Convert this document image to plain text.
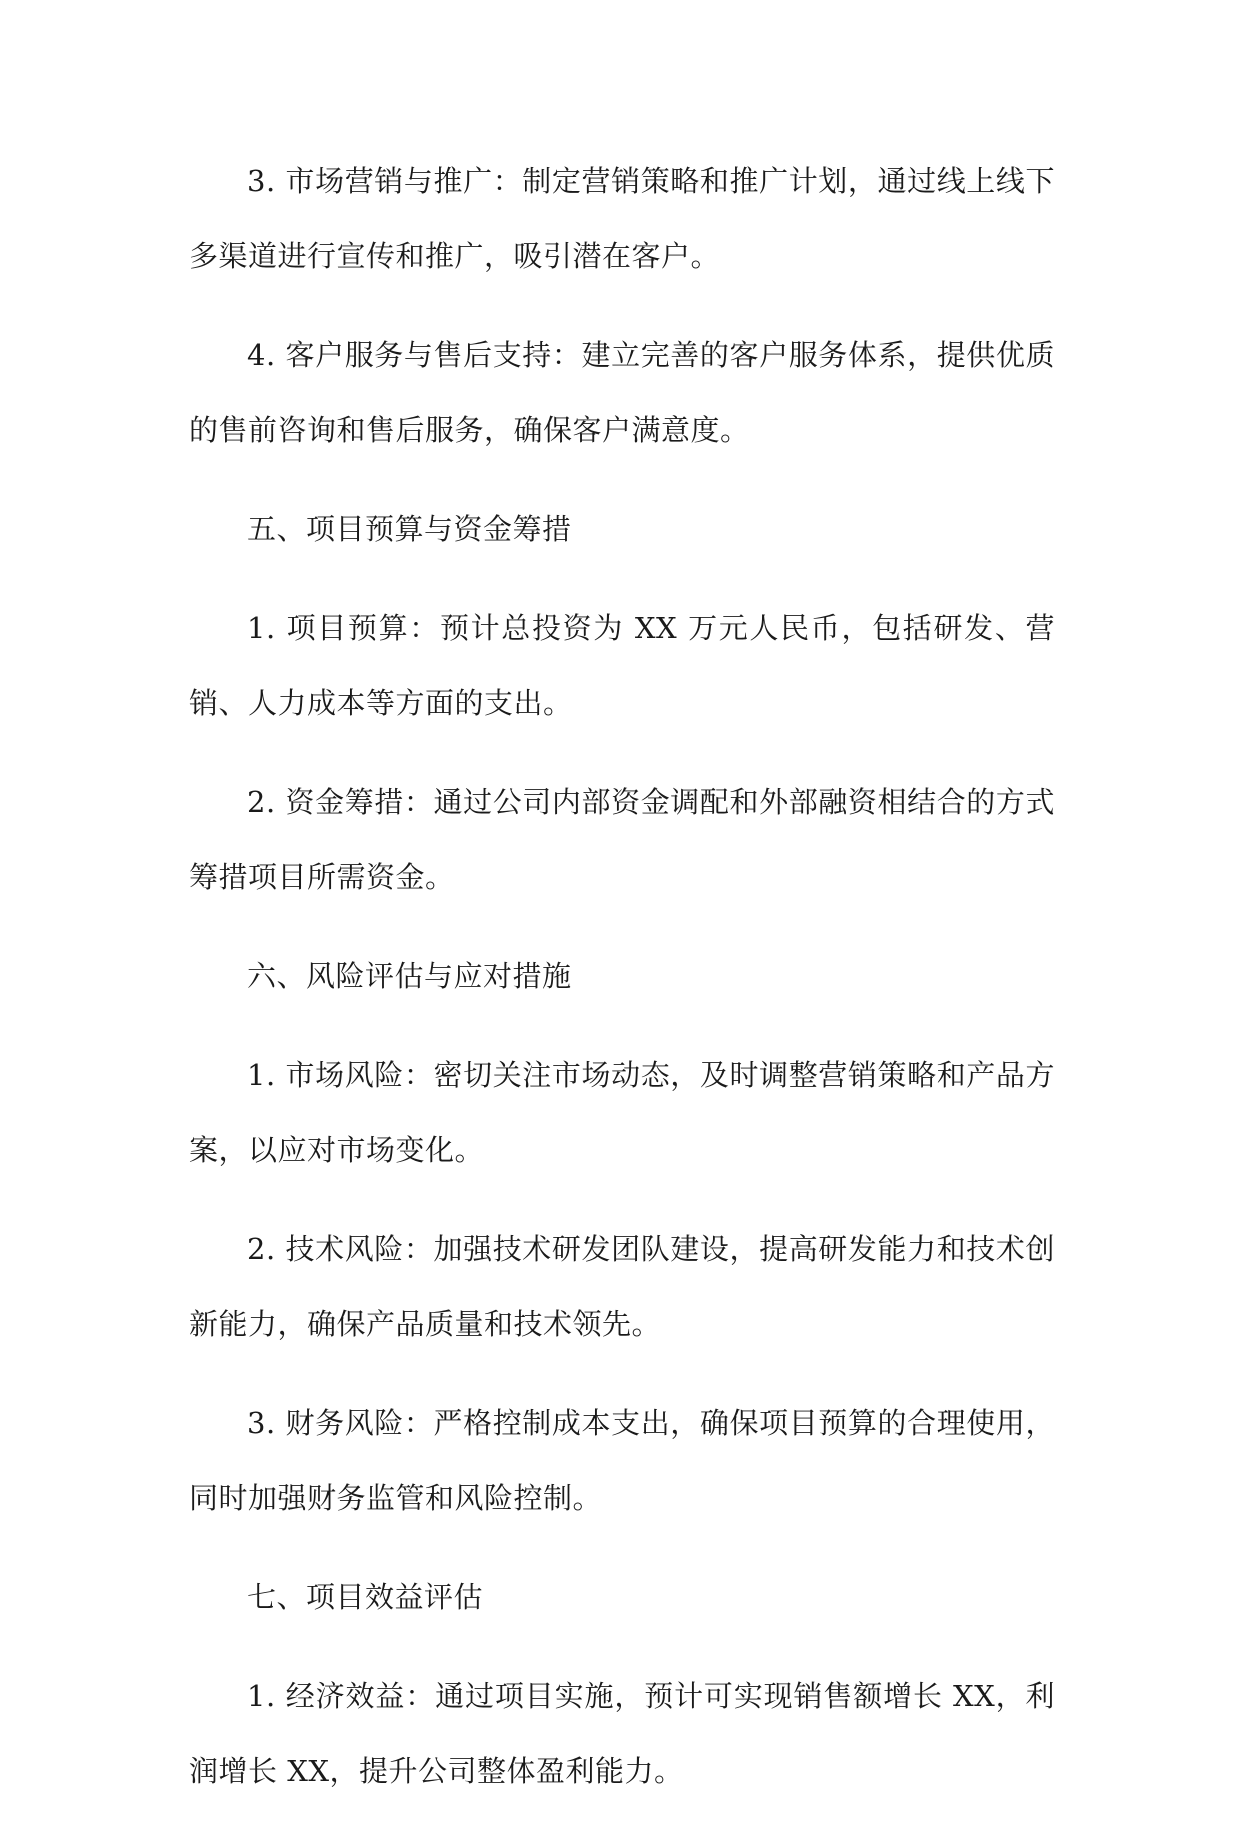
3. 市场营销与推广：制定营销策略和推广计划，通过线上线下多渠道进行宣传和推广，吸引潜在客户。

4. 客户服务与售后支持：建立完善的客户服务体系，提供优质的售前咨询和售后服务，确保客户满意度。

五、项目预算与资金筹措

1. 项目预算：预计总投资为 XX 万元人民币，包括研发、营销、人力成本等方面的支出。

2. 资金筹措：通过公司内部资金调配和外部融资相结合的方式筹措项目所需资金。

六、风险评估与应对措施

1. 市场风险：密切关注市场动态，及时调整营销策略和产品方案，以应对市场变化。

2. 技术风险：加强技术研发团队建设，提高研发能力和技术创新能力，确保产品质量和技术领先。

3. 财务风险：严格控制成本支出，确保项目预算的合理使用，同时加强财务监管和风险控制。

七、项目效益评估

1. 经济效益：通过项目实施，预计可实现销售额增长 XX，利润增长 XX，提升公司整体盈利能力。
